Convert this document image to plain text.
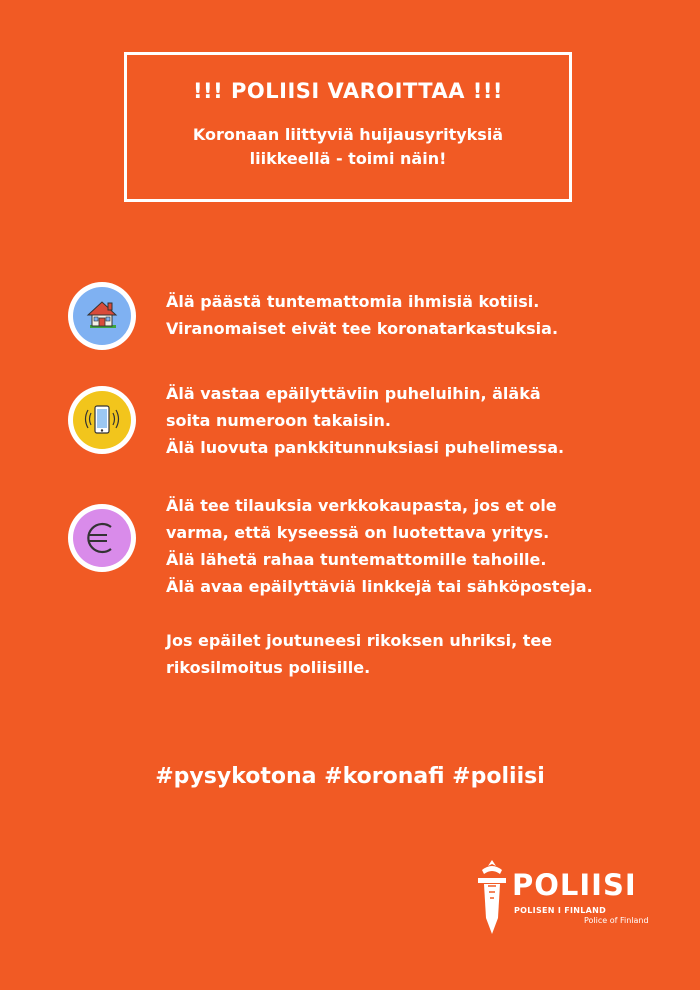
!!! POLIISI VAROITTAA !!!
Koronaan liittyviä huijausyrityksiä
liikkeellä - toimi näin!
Älä päästä tuntemattomia ihmisiä kotiisi.
Viranomaiset eivät tee koronatarkastuksia.
Älä vastaa epäilyttäviin puheluihin, äläkä
soita numeroon takaisin.
Älä luovuta pankkitunnuksiasi puhelimessa.
Älä tee tilauksia verkkokaupasta, jos et ole
varma, että kyseessä on luotettava yritys.
Älä lähetä rahaa tuntemattomille tahoille.
Älä avaa epäilyttäviä linkkejä tai sähköposteja.
Jos epäilet joutuneesi rikoksen uhriksi, tee
rikosilmoitus poliisille.
#pysykotona #koronafi #poliisi
POLIISI
POLISEN I FINLAND
Police of Finland
